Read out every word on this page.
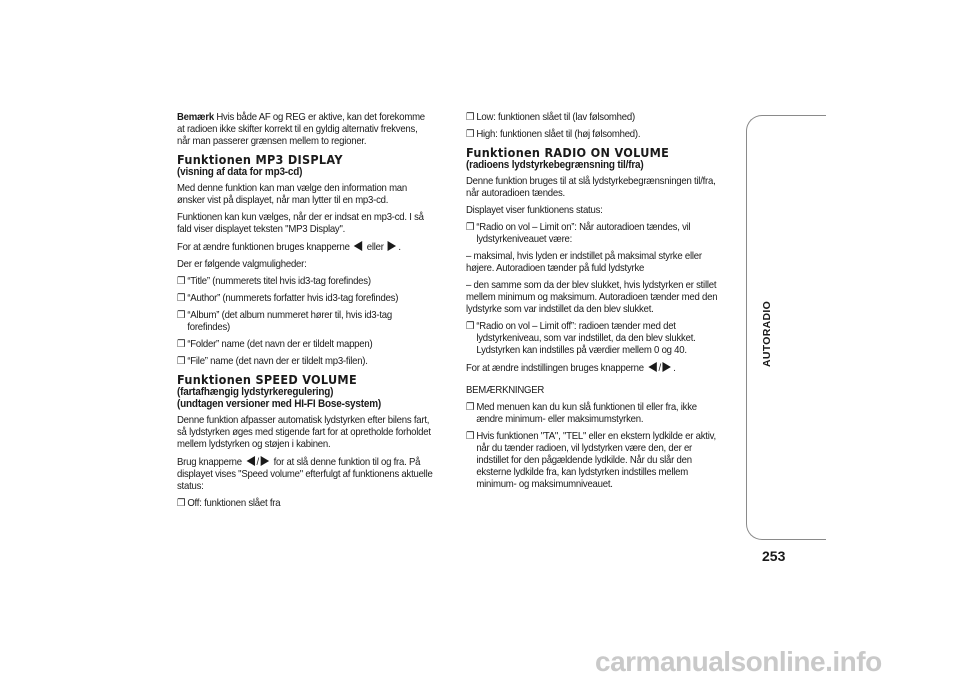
Bemærk Hvis både AF og REG er aktive, kan det forekomme at radioen ikke skifter korrekt til en gyldig alternativ frekvens, når man passerer grænsen mellem to regioner.

Funktionen MP3 DISPLAY
(visning af data for mp3-cd)

Med denne funktion kan man vælge den information man ønsker vist på displayet, når man lytter til en mp3-cd.

Funktionen kan kun vælges, når der er indsat en mp3-cd. I så fald viser displayet teksten "MP3 Display".

For at ændre funktionen bruges knapperne eller .

Der er følgende valgmuligheder:

❒ “Title” (nummerets titel hvis id3-tag forefindes)
❒ “Author” (nummerets forfatter hvis id3-tag forefindes)
❒ “Album” (det album nummeret hører til, hvis id3-tag forefindes)
❒ “Folder” name (det navn der er tildelt mappen)
❒ “File” name (det navn der er tildelt mp3-filen).
Funktionen SPEED VOLUME
(fartafhængig lydstyrkeregulering)
(undtagen versioner med HI-FI Bose-system)

Denne funktion afpasser automatisk lydstyrken efter bilens fart, så lydstyrken øges med stigende fart for at opretholde forholdet mellem lydstyrken og støjen i kabinen.

Brug knapperne / for at slå denne funktion til og fra. På displayet vises "Speed volume" efterfulgt af funktionens aktuelle status:

❒ Off: funktionen slået fra
❒ Low: funktionen slået til (lav følsomhed)
❒ High: funktionen slået til (høj følsomhed).
Funktionen RADIO ON VOLUME
(radioens lydstyrkebegrænsning til/fra)

Denne funktion bruges til at slå lydstyrkebegrænsningen til/fra, når autoradioen tændes.

Displayet viser funktionens status:

❒ “Radio on vol – Limit on”: Når autoradioen tændes, vil lydstyrkeniveauet være:

– maksimal, hvis lyden er indstillet på maksimal styrke eller højere. Autoradioen tænder på fuld lydstyrke

– den samme som da der blev slukket, hvis lydstyrken er stillet mellem minimum og maksimum. Autoradioen tænder med den lydstyrke som var indstillet da den blev slukket.

❒ “Radio on vol – Limit off”: radioen tænder med det lydstyrkeniveau, som var indstillet, da den blev slukket. Lydstyrken kan indstilles på værdier mellem 0 og 40.

For at ændre indstillingen bruges knapperne / .

BEMÆRKNINGER

❒ Med menuen kan du kun slå funktionen til eller fra, ikke ændre minimum- eller maksimumstyrken.
❒ Hvis funktionen "TA", "TEL" eller en ekstern lydkilde er aktiv, når du tænder radioen, vil lydstyrken være den, der er indstillet for den pågældende lydkilde. Når du slår den eksterne lydkilde fra, kan lydstyrken indstilles mellem minimum- og maksimumniveauet.
AUTORADIO
253
carmanualsonline.info
